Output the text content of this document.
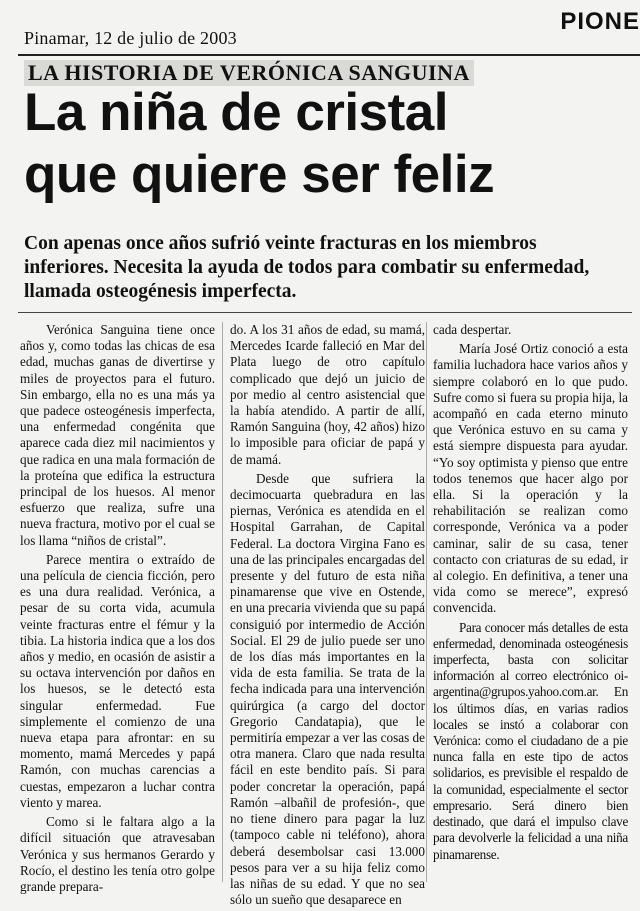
Pinamar, 12 de julio de 2003
PIONE
LA HISTORIA DE VERÓNICA SANGUINA
La niña de cristal
que quiere ser feliz
Con apenas once años sufrió veinte fracturas en los miembros inferiores. Necesita la ayuda de todos para combatir su enfermedad, llamada osteogénesis imperfecta.

Verónica Sanguina tiene once años y, como todas las chicas de esa edad, muchas ganas de divertirse y miles de proyectos para el futuro. Sin embargo, ella no es una más ya que padece osteogénesis imperfecta, una enfermedad congénita que aparece cada diez mil nacimientos y que radica en una mala formación de la proteína que edifica la estructura principal de los huesos. Al menor esfuerzo que realiza, sufre una nueva fractura, motivo por el cual se los llama “niños de cristal”.

Parece mentira o extraído de una película de ciencia ficción, pero es una dura realidad. Verónica, a pesar de su corta vida, acumula veinte fracturas entre el fémur y la tibia. La historia indica que a los dos años y medio, en ocasión de asistir a su octava intervención por daños en los huesos, se le detectó esta singular enfermedad. Fue simplemente el comienzo de una nueva etapa para afrontar: en su momento, mamá Mercedes y papá Ramón, con muchas carencias a cuestas, empezaron a luchar contra viento y marea.

Como si le faltara algo a la difícil situación que atravesaban Verónica y sus hermanos Gerardo y Rocío, el destino les tenía otro golpe grande prepara-

do. A los 31 años de edad, su mamá, Mercedes Icarde falleció en Mar del Plata luego de otro capítulo complicado que dejó un juicio de por medio al centro asistencial que la había atendido. A partir de allí, Ramón Sanguina (hoy, 42 años) hizo lo imposible para oficiar de papá y de mamá.

Desde que sufriera la decimocuarta quebradura en las piernas, Verónica es atendida en el Hospital Garrahan, de Capital Federal. La doctora Virgina Fano es una de las principales encargadas del presente y del futuro de esta niña pinamarense que vive en Ostende, en una precaria vivienda que su papá consiguió por intermedio de Acción Social. El 29 de julio puede ser uno de los días más importantes en la vida de esta familia. Se trata de la fecha indicada para una intervención quirúrgica (a cargo del doctor Gregorio Candatapia), que le permitiría empezar a ver las cosas de otra manera. Claro que nada resulta fácil en este bendito país. Si para poder concretar la operación, papá Ramón –albañil de profesión-, que no tiene dinero para pagar la luz (tampoco cable ni teléfono), ahora deberá desembolsar casi 13.000 pesos para ver a su hija feliz como las niñas de su edad. Y que no sea sólo un sueño que desaparece en

cada despertar.

María José Ortiz conoció a esta familia luchadora hace varios años y siempre colaboró en lo que pudo. Sufre como si fuera su propia hija, la acompañó en cada eterno minuto que Verónica estuvo en su cama y está siempre dispuesta para ayudar. “Yo soy optimista y pienso que entre todos tenemos que hacer algo por ella. Si la operación y la rehabilitación se realizan como corresponde, Verónica va a poder caminar, salir de su casa, tener contacto con criaturas de su edad, ir al colegio. En definitiva, a tener una vida como se merece”, expresó convencida.

Para conocer más detalles de esta enfermedad, denominada osteogénesis imperfecta, basta con solicitar información al correo electrónico oi-argentina@grupos.yahoo.com.ar. En los últimos días, en varias radios locales se instó a colaborar con Verónica: como el ciudadano de a pie nunca falla en este tipo de actos solidarios, es previsible el respaldo de la comunidad, especialmente el sector empresario. Será dinero bien destinado, que dará el impulso clave para devolverle la felicidad a una niña pinamarense.
